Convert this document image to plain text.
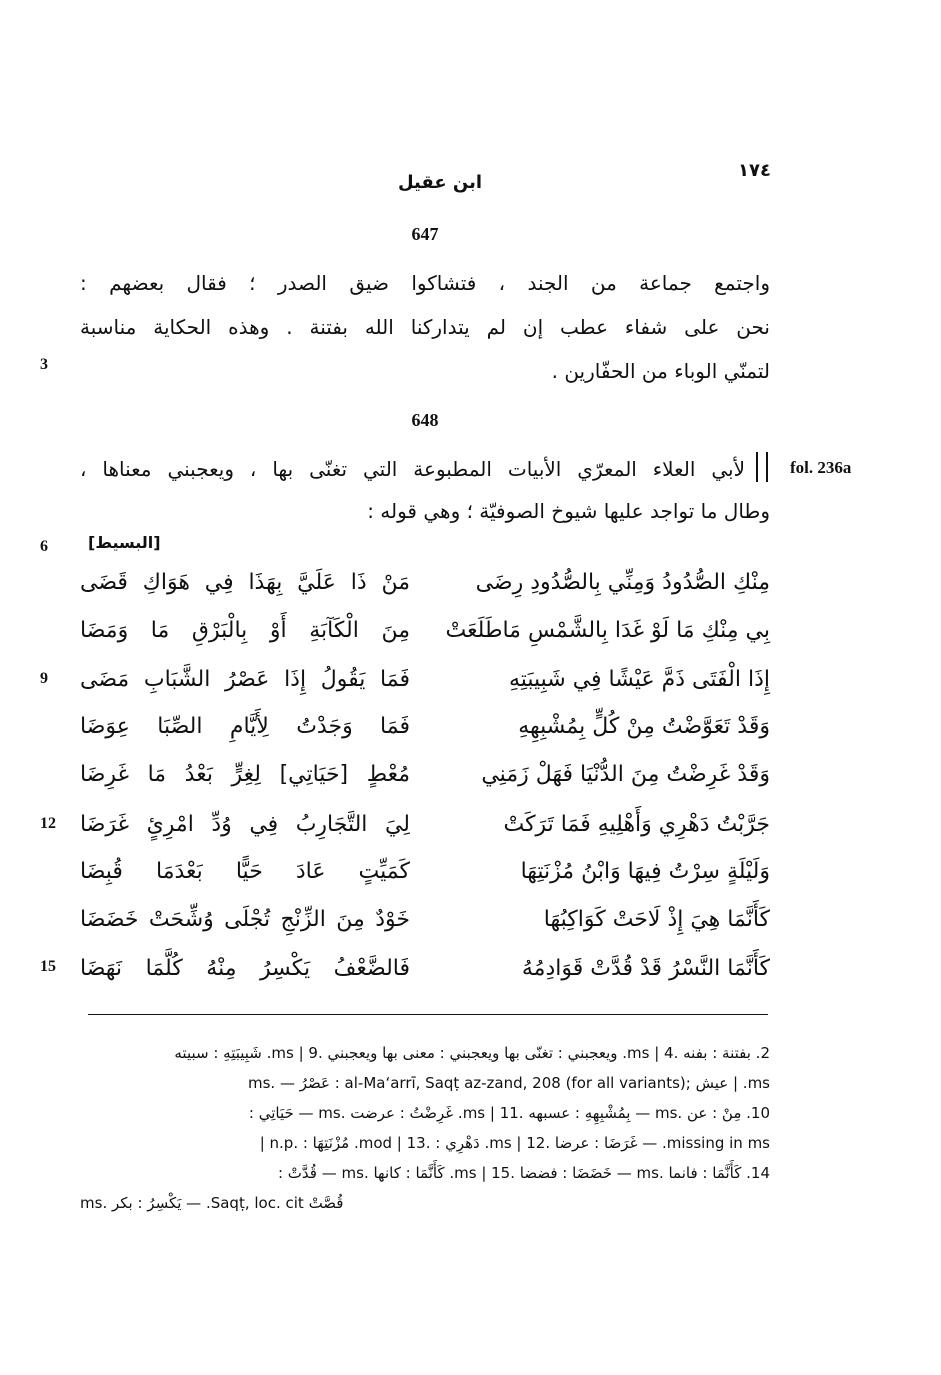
١٧٤
ابن عقيل
647
واجتمع جماعة من الجند ، فتشاكوا ضيق الصدر ؛ فقال بعضهم :
نحن على شفاء عطب إن لم يتداركنا الله بفتنة . وهذه الحكاية مناسبة
لتمنّي الوباء من الحفّارين .
3
648
fol. 236a
لأبي العلاء المعرّي الأبيات المطبوعة التي تغنّى بها ، ويعجبني معناها ،
وطال ما تواجد عليها شيوخ الصوفيّة ؛ وهي قوله :
[البسيط]
6
مِنْكِ الصُّدُودُ وَمِنِّي بِالصُّدُودِ رِضَى
مَنْ ذَا عَلَيَّ بِهَذَا فِي هَوَاكِ قَضَى
بِي مِنْكِ مَا لَوْ غَدَا بِالشَّمْسِ مَاطَلَعَتْ
مِنَ الْكَآبَةِ أَوْ بِالْبَرْقِ مَا وَمَضَا
إِذَا الْفَتَى ذَمَّ عَيْشًا فِي شَبِيبَتِهِ
فَمَا يَقُولُ إِذَا عَصْرُ الشَّبَابِ مَضَى
9
وَقَدْ تَعَوَّضْتُ مِنْ كُلٍّ بِمُشْبِهِهِ
فَمَا وَجَدْتُ لِأَيَّامِ الصِّبَا عِوَضَا
وَقَدْ غَرِضْتُ مِنَ الدُّنْيَا فَهَلْ زَمَنِي
مُعْطٍ [حَيَاتِي] لِغِرٍّ بَعْدُ مَا غَرِضَا
جَرَّبْتُ دَهْرِي وَأَهْلِيهِ فَمَا تَرَكَتْ
لِيَ التَّجَارِبُ فِي وُدِّ امْرِئٍ غَرَضَا
12
وَلَيْلَةٍ سِرْتُ فِيهَا وَابْنُ مُزْنَتِهَا
كَمَيِّتٍ عَادَ حَيًّا بَعْدَمَا قُبِضَا
كَأَنَّمَا هِيَ إِذْ لَاحَتْ كَوَاكِبُهَا
خَوْدٌ مِنَ الزِّنْجِ تُجْلَى وُشِّحَتْ خَضَضَا
كَأَنَّمَا النَّسْرُ قَدْ قُدَّتْ قَوَادِمُهُ
فَالضَّعْفُ يَكْسِرُ مِنْهُ كُلَّمَا نَهَضَا
15
2. بفتنة : بفنه .ms | 4. ويعجبني : تغنّى بها ويعجبني : معنى بها ويعجبني .ms | 9. شَبِيبَتِهِ : سبيته
ms. | عيش ;(al-Ma‘arrī, Saqṭ az-zand, 208 (for all variants : عَصْرُ — .ms
10. مِنْ : عن .ms — بِمُشْبِهِهِ : عسبهه .ms | 11. غَرِضْتُ : عرضت .ms — حَيَاتِي :
missing in ms. — غَرَضَا : عرضا .ms | 12. دَهْرِي : .mod | 13. مُزْنَتِهَا : .n.p |
14. كَأَنَّمَا : فانما .ms — خَضَضَا : فضضا .ms | 15. كَأَنَّمَا : كانها .ms — قُدَّتْ :
قُصَّتْ Saqṭ, loc. cit. — يَكْسِرُ : بكر .ms
